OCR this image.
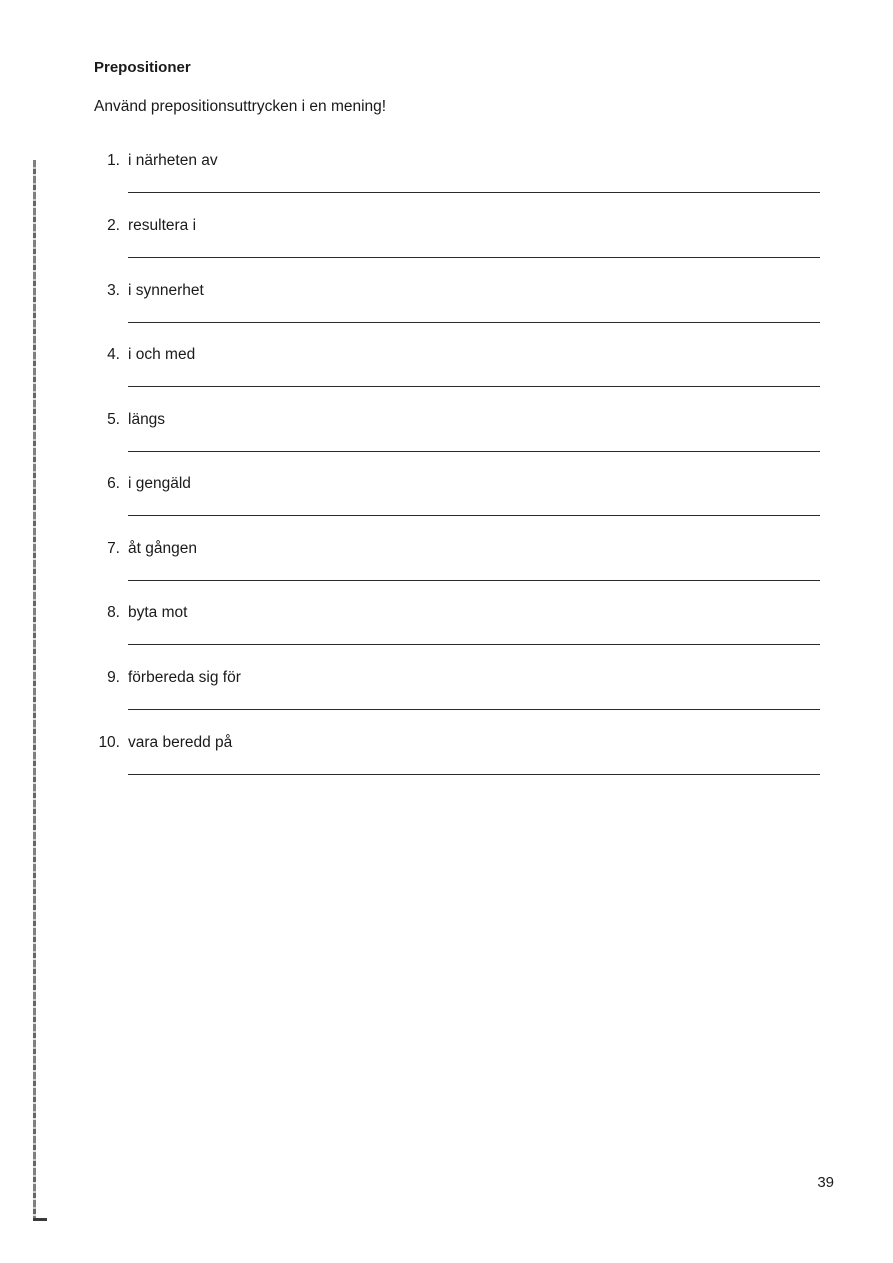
Prepositioner

Använd prepositionsuttrycken i en mening!

1. i närheten av
2. resultera i
3. i synnerhet
4. i och med
5. längs
6. i gengäld
7. åt gången
8. byta mot
9. förbereda sig för
10. vara beredd på
39
